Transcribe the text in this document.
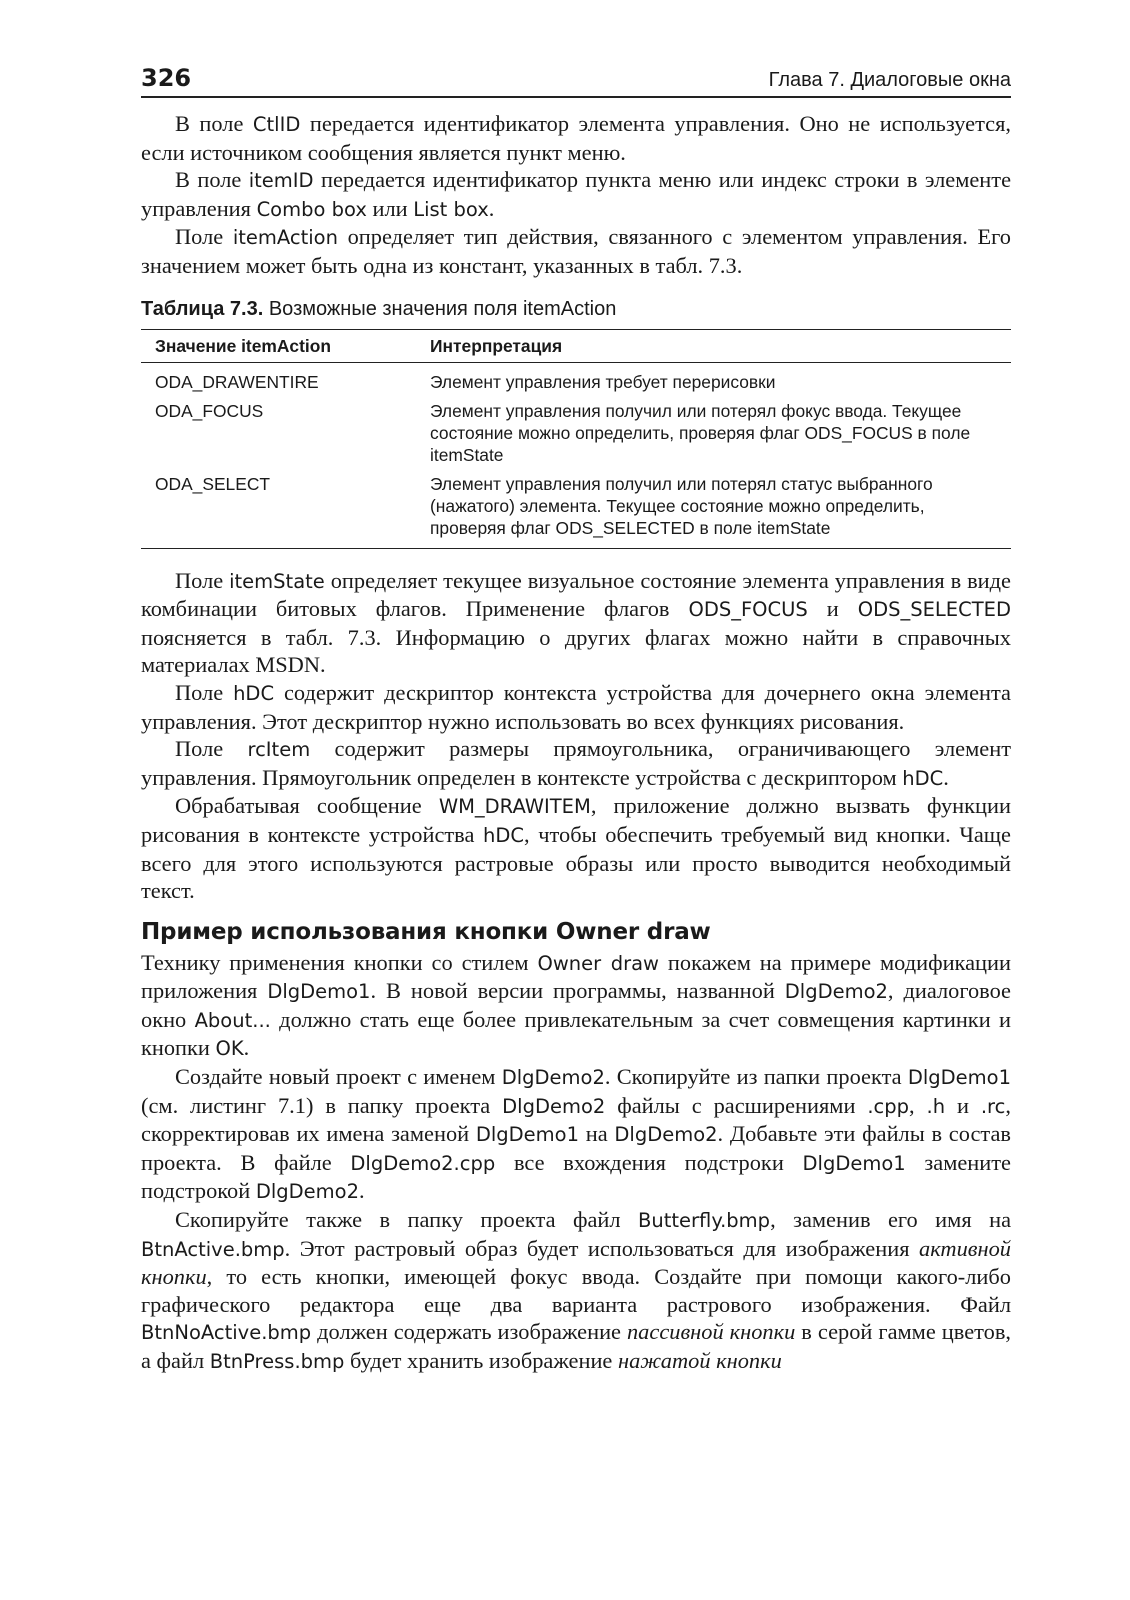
326	Глава 7. Диалоговые окна

В поле CtlID передается идентификатор элемента управления. Оно не используется, если источником сообщения является пункт меню.

В поле itemID передается идентификатор пункта меню или индекс строки в элементе управления Combo box или List box.

Поле itemAction определяет тип действия, связанного с элементом управления. Его значением может быть одна из констант, указанных в табл. 7.3.

Таблица 7.3. Возможные значения поля itemAction
Значение itemAction	Интерпретация
ODA_DRAWENTIRE	Элемент управления требует перерисовки
ODA_FOCUS	Элемент управления получил или потерял фокус ввода. Текущее состояние можно определить, проверяя флаг ODS_FOCUS в поле itemState
ODA_SELECT	Элемент управления получил или потерял статус выбранного (нажатого) элемента. Текущее состояние можно определить, проверяя флаг ODS_SELECTED в поле itemState

Поле itemState определяет текущее визуальное состояние элемента управления в виде комбинации битовых флагов. Применение флагов ODS_FOCUS и ODS_SELECTED поясняется в табл. 7.3. Информацию о других флагах можно найти в справочных материалах MSDN.

Поле hDC содержит дескриптор контекста устройства для дочернего окна элемента управления. Этот дескриптор нужно использовать во всех функциях рисования.

Поле rcItem содержит размеры прямоугольника, ограничивающего элемент управления. Прямоугольник определен в контексте устройства с дескриптором hDC.

Обрабатывая сообщение WM_DRAWITEM, приложение должно вызвать функции рисования в контексте устройства hDC, чтобы обеспечить требуемый вид кнопки. Чаще всего для этого используются растровые образы или просто выводится необходимый текст.

Пример использования кнопки Owner draw

Технику применения кнопки со стилем Owner draw покажем на примере модификации приложения DlgDemo1. В новой версии программы, названной DlgDemo2, диалоговое окно About... должно стать еще более привлекательным за счет совмещения картинки и кнопки OK.

Создайте новый проект с именем DlgDemo2. Скопируйте из папки проекта DlgDemo1 (см. листинг 7.1) в папку проекта DlgDemo2 файлы с расширениями .cpp, .h и .rc, скорректировав их имена заменой DlgDemo1 на DlgDemo2. Добавьте эти файлы в состав проекта. В файле DlgDemo2.cpp все вхождения подстроки DlgDemo1 замените подстрокой DlgDemo2.

Скопируйте также в папку проекта файл Butterfly.bmp, заменив его имя на BtnActive.bmp. Этот растровый образ будет использоваться для изображения активной кнопки, то есть кнопки, имеющей фокус ввода. Создайте при помощи какого-либо графического редактора еще два варианта растрового изображения. Файл BtnNoActive.bmp должен содержать изображение пассивной кнопки в серой гамме цветов, а файл BtnPress.bmp будет хранить изображение нажатой кнопки
